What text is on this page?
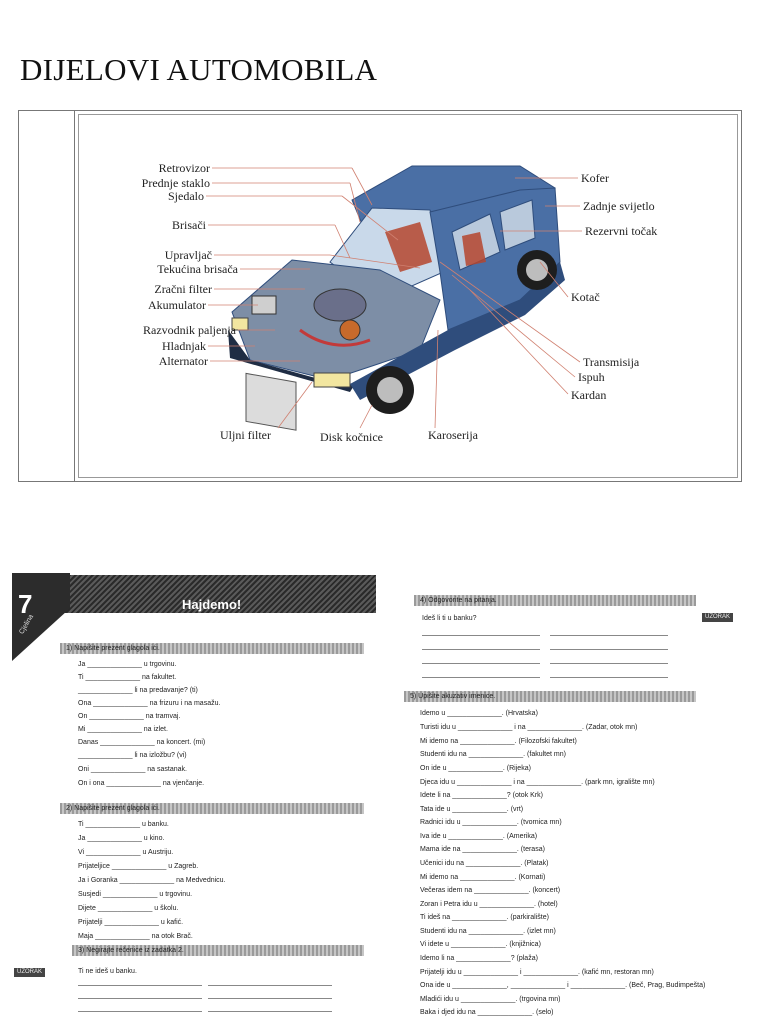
DIJELOVI AUTOMOBILA
Retrovizor
Prednje staklo
Sjedalo
Brisači
Upravljač
Tekućina brisača
Zračni filter
Akumulator
Razvodnik paljenja
Hladnjak
Alternator
Kofer
Zadnje svijetlo
Rezervni točak
Kotač
Transmisija
Ispuh
Kardan
Uljni filter	Disk kočnice	Karoserija
Hajdemo!
7
Cjelina
1) Napišite prezent glagola ići.
Ja ______________ u trgovinu.
Ti ______________ na fakultet.
______________ li na predavanje? (ti)
Ona ______________ na frizuru i na masažu.
On ______________ na tramvaj.
Mi ______________ na izlet.
Danas ______________ na koncert. (mi)
______________ li na izložbu? (vi)
Oni ______________ na sastanak.
On i ona ______________ na vjenčanje.
2) Napišite prezent glagola ići.
Ti ______________ u banku.
Ja ______________ u kino.
Vi ______________ u Austriju.
Prijateljice ______________ u Zagreb.
Ja i Goranka ______________ na Medvednicu.
Susjedi ______________ u trgovinu.
Dijete ______________ u školu.
Prijatelji ______________ u kafić.
Maja ______________ na otok Brač.
3) Negirajte rečenice iz zadatka 2.
UZORAK	Ti ne ideš u banku.
4) Odgovorite na pitanja.
UZORAK
Ideš li ti u banku?
5) Upišite akuzativ imenice.
Idemo u ______________. (Hrvatska)
Turisti idu u ______________ i na ______________. (Zadar, otok mn)
Mi idemo na ______________. (Filozofski fakultet)
Studenti idu na ______________. (fakultet mn)
On ide u ______________. (Rijeka)
Djeca idu u ______________ i na ______________. (park mn, igralište mn)
Idete li na ______________? (otok Krk)
Tata ide u ______________. (vrt)
Radnici idu u ______________. (tvornica mn)
Iva ide u ______________. (Amerika)
Mama ide na ______________. (terasa)
Učenici idu na ______________. (Platak)
Mi idemo na ______________. (Kornati)
Večeras idem na ______________. (koncert)
Zoran i Petra idu u ______________. (hotel)
Ti ideš na ______________. (parkiralište)
Studenti idu na ______________. (izlet mn)
Vi idete u ______________. (knjižnica)
Idemo li na ______________? (plaža)
Prijatelji idu u ______________ i ______________. (kafić mn, restoran mn)
Ona ide u ______________, ______________ i ______________. (Beč, Prag, Budimpešta)
Mladići idu u ______________. (trgovina mn)
Baka i djed idu na ______________. (selo)
